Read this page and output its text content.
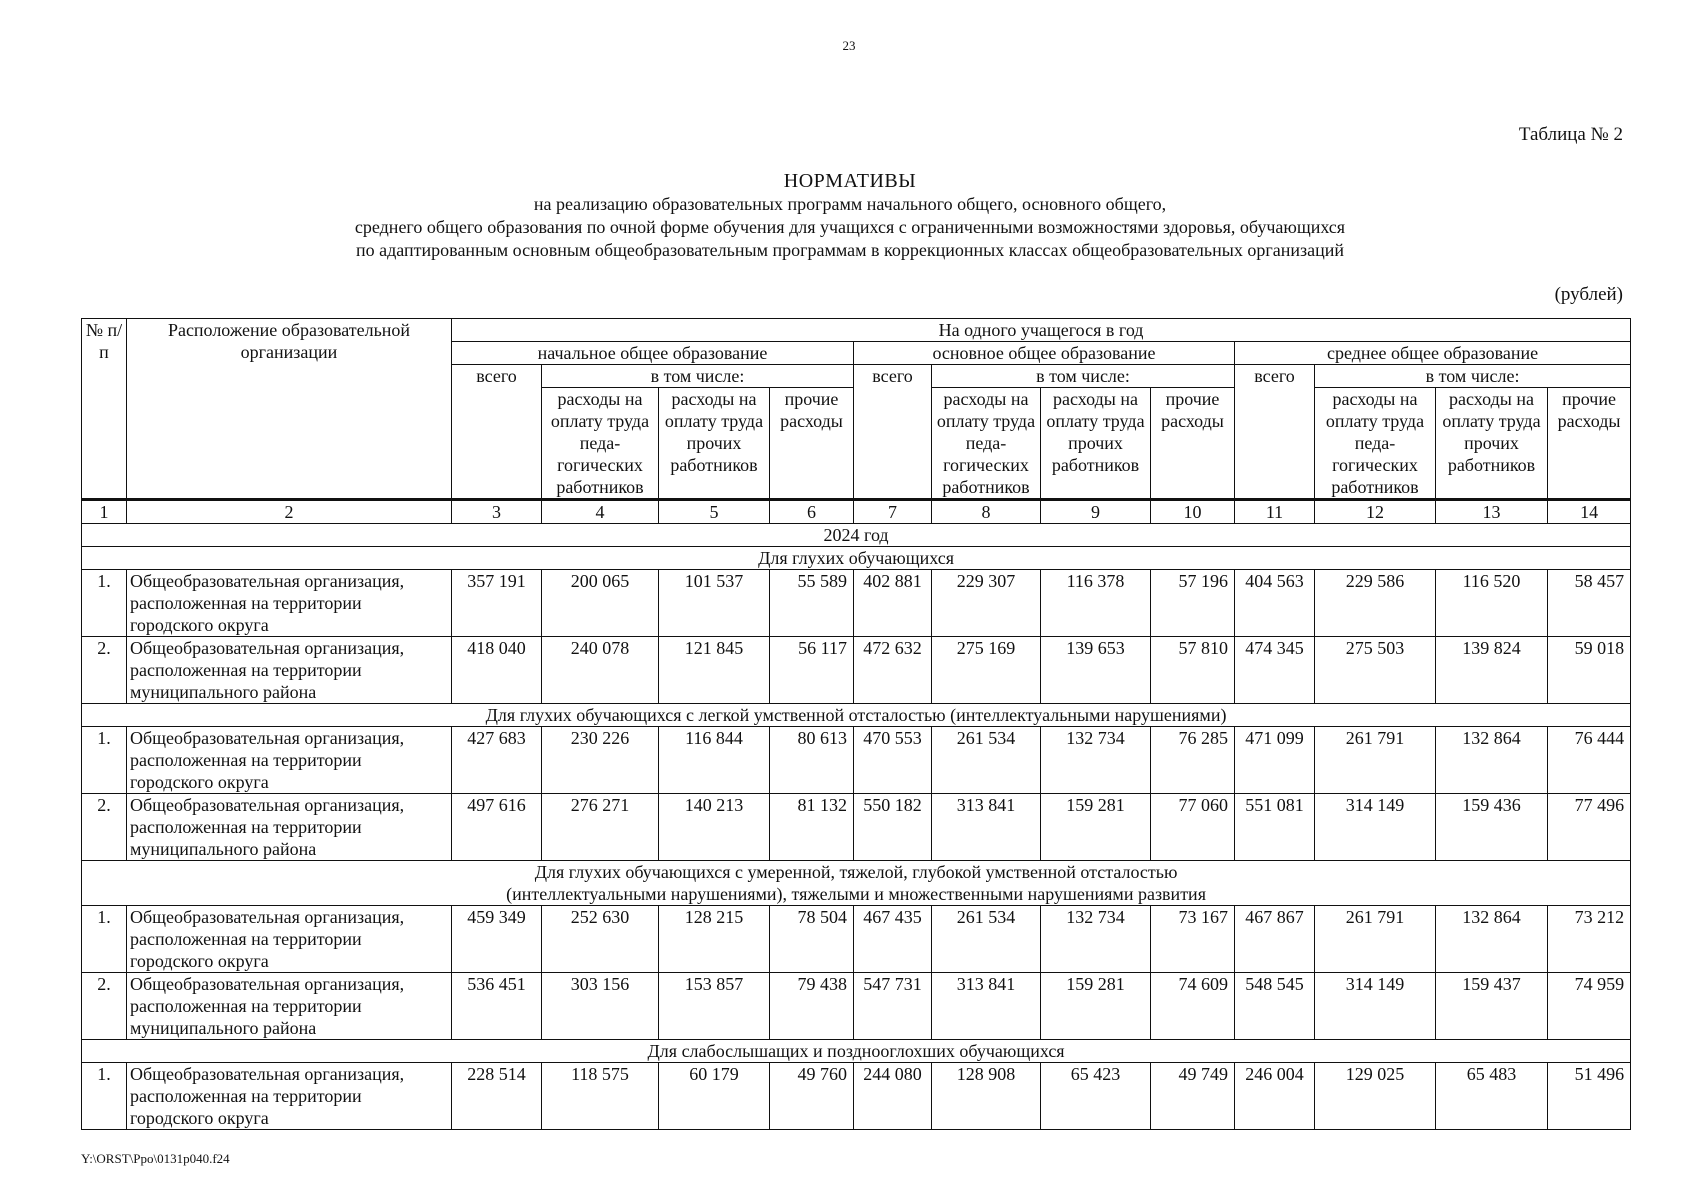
23
Таблица № 2
НОРМАТИВЫ
на реализацию образовательных программ начального общего, основного общего,
среднего общего образования по очной форме обучения для учащихся с ограниченными возможностями здоровья, обучающихся
по адаптированным основным общеобразовательным программам в коррекционных классах общеобразовательных организаций
(рублей)
№ п/п	Расположение образовательной организации	На одного учащегося в год											
		начальное общее образование				основное общее образование				среднее общее образование			
		всего	в том числе:			всего	в том числе:			всего	в том числе:		
			расходы на оплату труда педа-гогических работников	расходы на оплату труда прочих работников	прочие расходы		расходы на оплату труда педа-гогических работников	расходы на оплату труда прочих работников	прочие расходы		расходы на оплату труда педа-гогических работников	расходы на оплату труда прочих работников	прочие расходы
1	2	3	4	5	6	7	8	9	10	11	12	13	14
2024 год													

Для глухих обучающихся													

1.	Общеобразовательная организация, расположенная на территории городского округа	357 191	200 065	101 537	55 589	402 881	229 307	116 378	57 196	404 563	229 586	116 520	58 457
2.	Общеобразовательная организация, расположенная на территории муниципального района	418 040	240 078	121 845	56 117	472 632	275 169	139 653	57 810	474 345	275 503	139 824	59 018

Для глухих обучающихся с легкой умственной отсталостью (интеллектуальными нарушениями)													

1.	Общеобразовательная организация, расположенная на территории городского округа	427 683	230 226	116 844	80 613	470 553	261 534	132 734	76 285	471 099	261 791	132 864	76 444
2.	Общеобразовательная организация, расположенная на территории муниципального района	497 616	276 271	140 213	81 132	550 182	313 841	159 281	77 060	551 081	314 149	159 436	77 496

Для глухих обучающихся с умеренной, тяжелой, глубокой умственной отсталостью
(интеллектуальными нарушениями), тяжелыми и множественными нарушениями развития													

1.	Общеобразовательная организация, расположенная на территории городского округа	459 349	252 630	128 215	78 504	467 435	261 534	132 734	73 167	467 867	261 791	132 864	73 212
2.	Общеобразовательная организация, расположенная на территории муниципального района	536 451	303 156	153 857	79 438	547 731	313 841	159 281	74 609	548 545	314 149	159 437	74 959

Для слабослышащих и позднооглохших обучающихся													

1.	Общеобразовательная организация, расположенная на территории городского округа	228 514	118 575	60 179	49 760	244 080	128 908	65 423	49 749	246 004	129 025	65 483	51 496
Y:\ORST\Ppo\0131p040.f24
